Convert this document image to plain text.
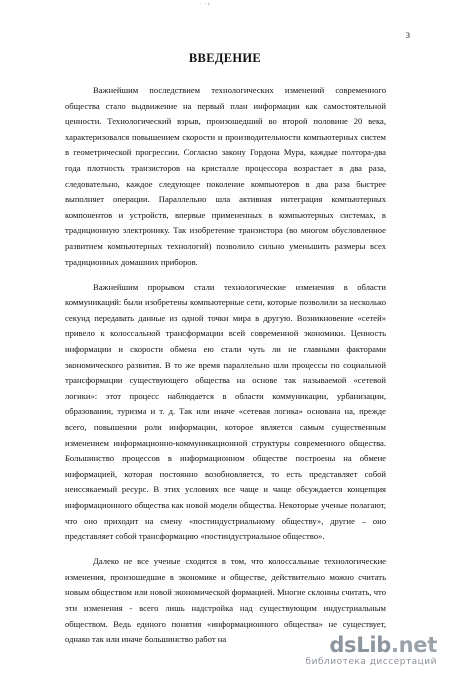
· ·ı.
3
ВВЕДЕНИЕ

Важнейшим последствием технологических изменений современного общества стало выдвижение на первый план информации как самостоятельной ценности. Технологический взрыв, произошедший во второй половине 20 века, характеризовался повышением скорости и производительности компьютерных систем в геометрической прогрессии. Согласно закону Гордона Мура, каждые полтора-два года плотность транзисторов на кристалле процессора возрастает в два раза, следовательно, каждое следующее поколение компьютеров в два раза быстрее выполняет операции. Параллельно шла активная интеграция компьютерных компонентов и устройств, впервые примененных в компьютерных системах, в традиционную электронику. Так изобретение транзистора (во многом обусловленное развитием компьютерных технологий) позволило сильно уменьшить размеры всех традиционных домашних приборов.

Важнейшим прорывом стали технологические изменения в области коммуникаций: были изобретены компьютерные сети, которые позволили за несколько секунд передавать данные из одной точки мира в другую. Возникновение «сетей» привело к колоссальной трансформации всей современной экономики. Ценность информации и скорости обмена ею стали чуть ли не главными факторами экономического развития. В то же время параллельно шли процессы по социальной трансформации существующего общества на основе так называемой «сетевой логики»: этот процесс наблюдается в области коммуникации, урбанизации, образовании, туризма и т. д. Так или иначе «сетевая логика» основана на, прежде всего, повышении роли информации, которое является самым существенным изменением информационно-коммуникационной структуры современного общества. Большинство процессов в информационном обществе построены на обмене информацией, которая постоянно возобновляется, то есть представляет собой неиссякаемый ресурс. В этих условиях все чаще и чаще обсуждается концепция информационного общества как новой модели общества. Некоторые ученые полагают, что оно приходит на смену «постиндустриальному обществу», другие – оно представляет собой трансформацию «постиндустриальное общество».

Далеко не все ученые сходятся в том, что колоссальные технологические изменения, произошедшие в экономике и обществе, действительно можно считать новым обществом или новой экономической формацией. Многие склонны считать, что эти изменения - всего лишь надстройка над существующим индустриальным обществом. Ведь единого понятия «информационного общества» не существует, однако так или иначе большинство работ на	dsLib.net
библиотека диссертаций
